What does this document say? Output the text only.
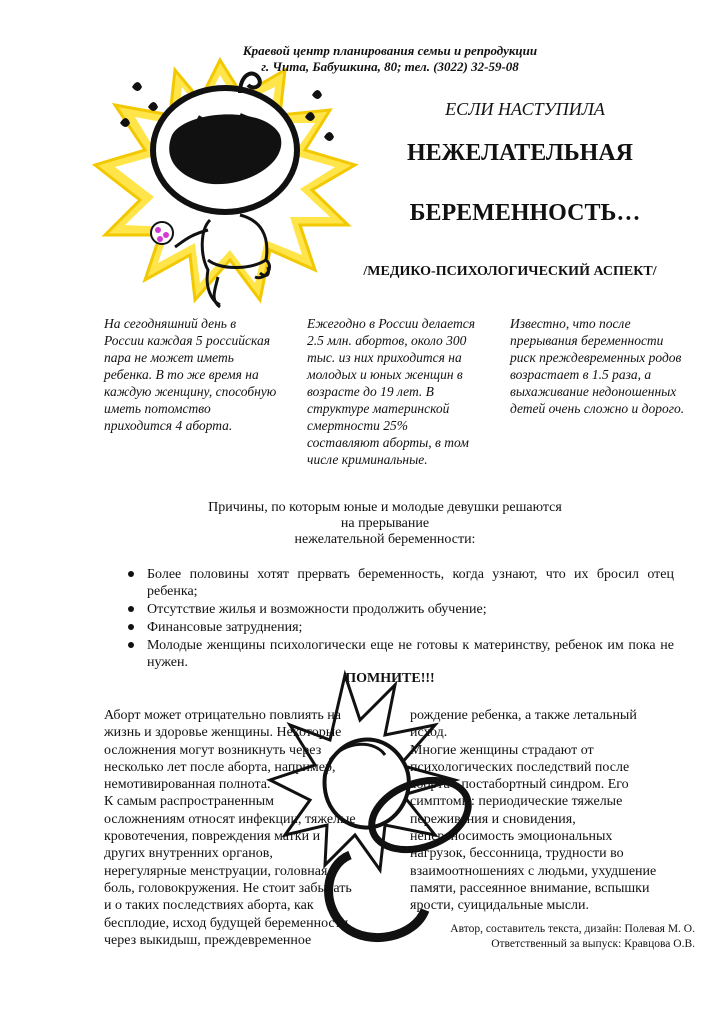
Краевой центр планирования семьи и репродукции
г. Чита, Бабушкина, 80; тел. (3022) 32-59-08
ЕСЛИ НАСТУПИЛА
НЕЖЕЛАТЕЛЬНАЯ
БЕРЕМЕННОСТЬ…
/МЕДИКО-ПСИХОЛОГИЧЕСКИЙ АСПЕКТ/
На сегодняшний день в России каждая 5 российская пара не может иметь ребенка. В то же время на каждую женщину, способную иметь потомство приходится 4 аборта.
Ежегодно в России делается 2.5 млн. абортов, около 300 тыс. из них приходится на молодых и юных женщин в возрасте до 19 лет. В структуре материнской смертности 25% составляют аборты, в том числе криминальные.
Известно, что после прерывания беременности риск преждевременных родов возрастает в 1.5 раза, а выхаживание недоношенных детей очень сложно и дорого.
Причины, по которым юные и молодые девушки решаются
на прерывание
нежелательной беременности:
Более половины хотят прервать беременность, когда узнают, что их бросил отец ребенка;
Отсутствие жилья и возможности продолжить обучение;
Финансовые затруднения;
Молодые женщины психологически еще не готовы к материнству, ребенок им пока не нужен.
ПОМНИТЕ!!!
Аборт может отрицательно повлиять на
жизнь и здоровье женщины. Некоторые
осложнения могут возникнуть через
несколько лет после аборта, например,
немотивированная полнота.
К самым распространенным
осложнениям относят инфекции, тяжелые
кровотечения, повреждения матки и
других внутренних органов,
нерегулярные менструации, головная
боль, головокружения. Не стоит забывать
и о таких последствиях аборта, как
бесплодие, исход будущей беременности
через выкидыш, преждевременное
рождение ребенка, а также летальный
исход.
Многие женщины страдают от
психологических последствий после
аборта - постабортный синдром. Его
симптомы: периодические тяжелые
переживания и сновидения,
непереносимость эмоциональных
нагрузок, бессонница, трудности во
взаимоотношениях с людьми, ухудшение
памяти, рассеянное внимание, вспышки
ярости, суицидальные мысли.
Автор, составитель текста, дизайн: Полевая М. О.
Ответственный за выпуск: Кравцова О.В.
